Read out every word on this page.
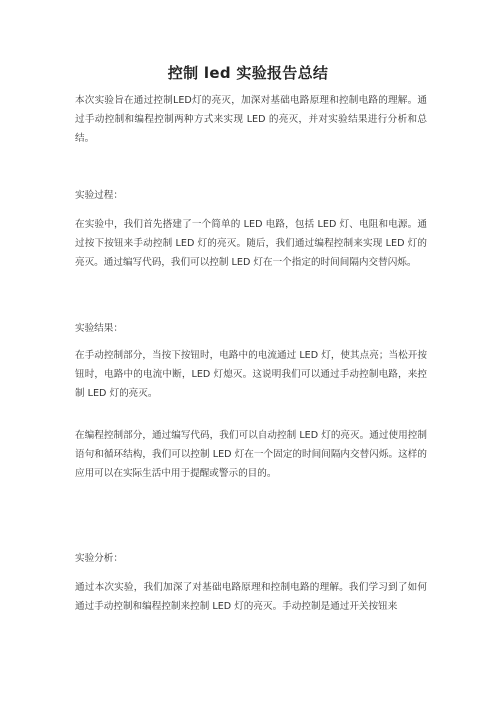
控制 led 实验报告总结

本次实验旨在通过控制LED灯的亮灭，加深对基础电路原理和控制电路的理解。通过手动控制和编程控制两种方式来实现 LED 的亮灭，并对实验结果进行分析和总结。

实验过程：

在实验中，我们首先搭建了一个简单的 LED 电路，包括 LED 灯、电阻和电源。通过按下按钮来手动控制 LED 灯的亮灭。随后，我们通过编程控制来实现 LED 灯的亮灭。通过编写代码，我们可以控制 LED 灯在一个指定的时间间隔内交替闪烁。

实验结果：

在手动控制部分，当按下按钮时，电路中的电流通过 LED 灯，使其点亮；当松开按钮时，电路中的电流中断，LED 灯熄灭。这说明我们可以通过手动控制电路，来控制 LED 灯的亮灭。

在编程控制部分，通过编写代码，我们可以自动控制 LED 灯的亮灭。通过使用控制语句和循环结构，我们可以控制 LED 灯在一个固定的时间间隔内交替闪烁。这样的应用可以在实际生活中用于提醒或警示的目的。

实验分析：

通过本次实验，我们加深了对基础电路原理和控制电路的理解。我们学习到了如何通过手动控制和编程控制来控制 LED 灯的亮灭。手动控制是通过开关按钮来
